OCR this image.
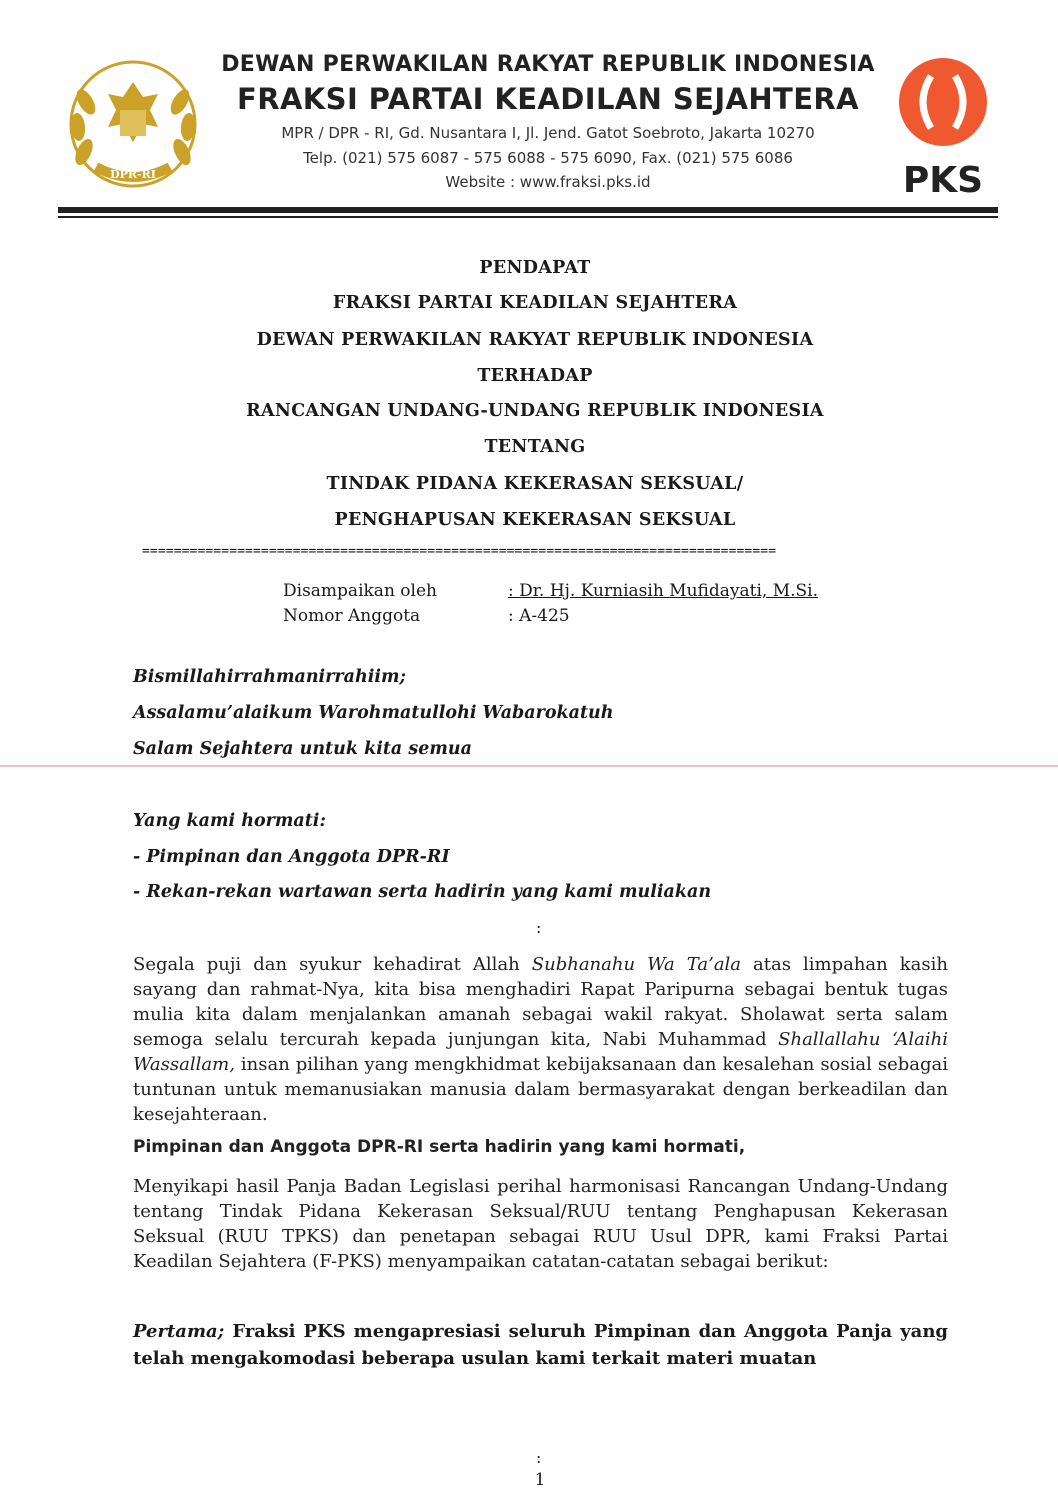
DPR-RI
DEWAN PERWAKILAN RAKYAT REPUBLIK INDONESIA
FRAKSI PARTAI KEADILAN SEJAHTERA
MPR / DPR - RI, Gd. Nusantara I, Jl. Jend. Gatot Soebroto, Jakarta 10270
Telp. (021) 575 6087 - 575 6088 - 575 6090, Fax. (021) 575 6086
Website : www.fraksi.pks.id	PKS
PENDAPAT
FRAKSI PARTAI KEADILAN SEJAHTERA
DEWAN PERWAKILAN RAKYAT REPUBLIK INDONESIA
TERHADAP
RANCANGAN UNDANG-UNDANG REPUBLIK INDONESIA
TENTANG
TINDAK PIDANA KEKERASAN SEKSUAL/
PENGHAPUSAN KEKERASAN SEKSUAL
================================================================================
Disampaikan oleh	: Dr. Hj. Kurniasih Mufidayati, M.Si.
Nomor Anggota	: A-425
Bismillahirrahmanirrahiim;
Assalamu’alaikum Warohmatullohi Wabarokatuh
Salam Sejahtera untuk kita semua
Yang kami hormati:
- Pimpinan dan Anggota DPR-RI
- Rekan-rekan wartawan serta hadirin yang kami muliakan
:
Segala puji dan syukur kehadirat Allah Subhanahu Wa Ta’ala atas limpahan kasih sayang dan rahmat-Nya, kita bisa menghadiri Rapat Paripurna sebagai bentuk tugas mulia kita dalam menjalankan amanah sebagai wakil rakyat. Sholawat serta salam semoga selalu tercurah kepada junjungan kita, Nabi Muhammad Shallallahu ‘Alaihi Wassallam, insan pilihan yang mengkhidmat kebijaksanaan dan kesalehan sosial sebagai tuntunan untuk memanusiakan manusia dalam bermasyarakat dengan berkeadilan dan kesejahteraan.
Pimpinan dan Anggota DPR-RI serta hadirin yang kami hormati,
Menyikapi hasil Panja Badan Legislasi perihal harmonisasi Rancangan Undang-Undang tentang Tindak Pidana Kekerasan Seksual/RUU tentang Penghapusan Kekerasan Seksual (RUU TPKS) dan penetapan sebagai RUU Usul DPR, kami Fraksi Partai Keadilan Sejahtera (F-PKS) menyampaikan catatan-catatan sebagai berikut:
Pertama; Fraksi PKS mengapresiasi seluruh Pimpinan dan Anggota Panja yang telah mengakomodasi beberapa usulan kami terkait materi muatan
:
1
